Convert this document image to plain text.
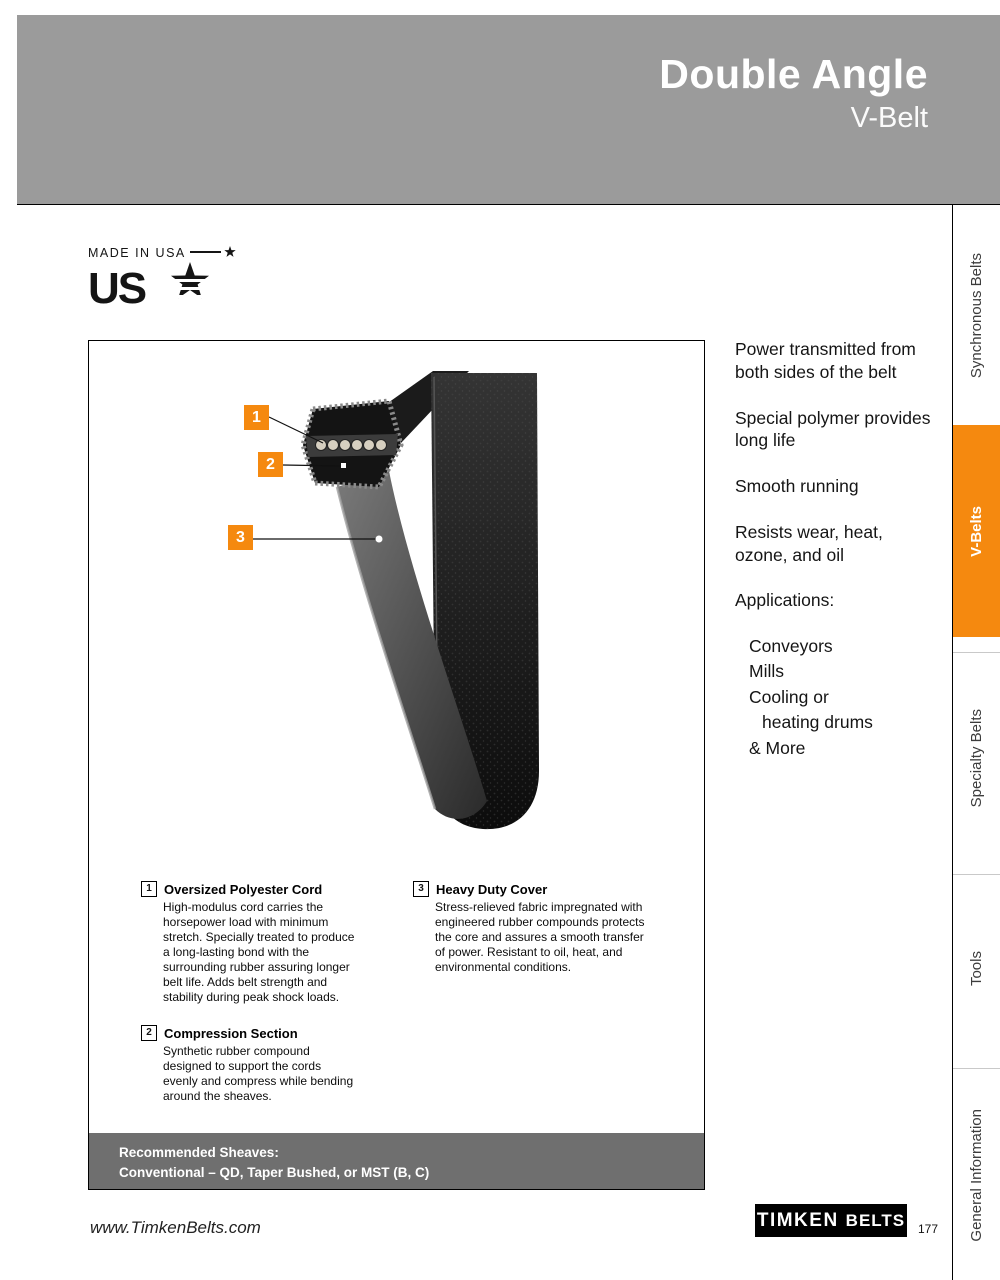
Double Angle
V-Belt
Synchronous Belts
V-Belts
Specialty Belts
Tools
General Information
MADE IN USA
US
1 Oversized Polyester Cord
High-modulus cord carries the horsepower load with minimum stretch. Specially treated to produce a long-lasting bond with the surrounding rubber assuring longer belt life. Adds belt strength and stability during peak shock loads.
2 Compression Section
Synthetic rubber compound designed to support the cords evenly and compress while bending around the sheaves.
3 Heavy Duty Cover
Stress-relieved fabric impregnated with engineered rubber compounds protects the core and assures a smooth transfer of power. Resistant to oil, heat, and environmental conditions.
Recommended Sheaves:
Conventional – QD, Taper Bushed, or MST (B, C)
1
2
3

Power transmitted from both sides of the belt

Special polymer provides long life

Smooth running

Resists wear, heat, ozone, and oil

Applications:

Conveyors
Mills
Cooling or
heating drums
& More
www.TimkenBelts.com	TIMKEN BELTS 177
